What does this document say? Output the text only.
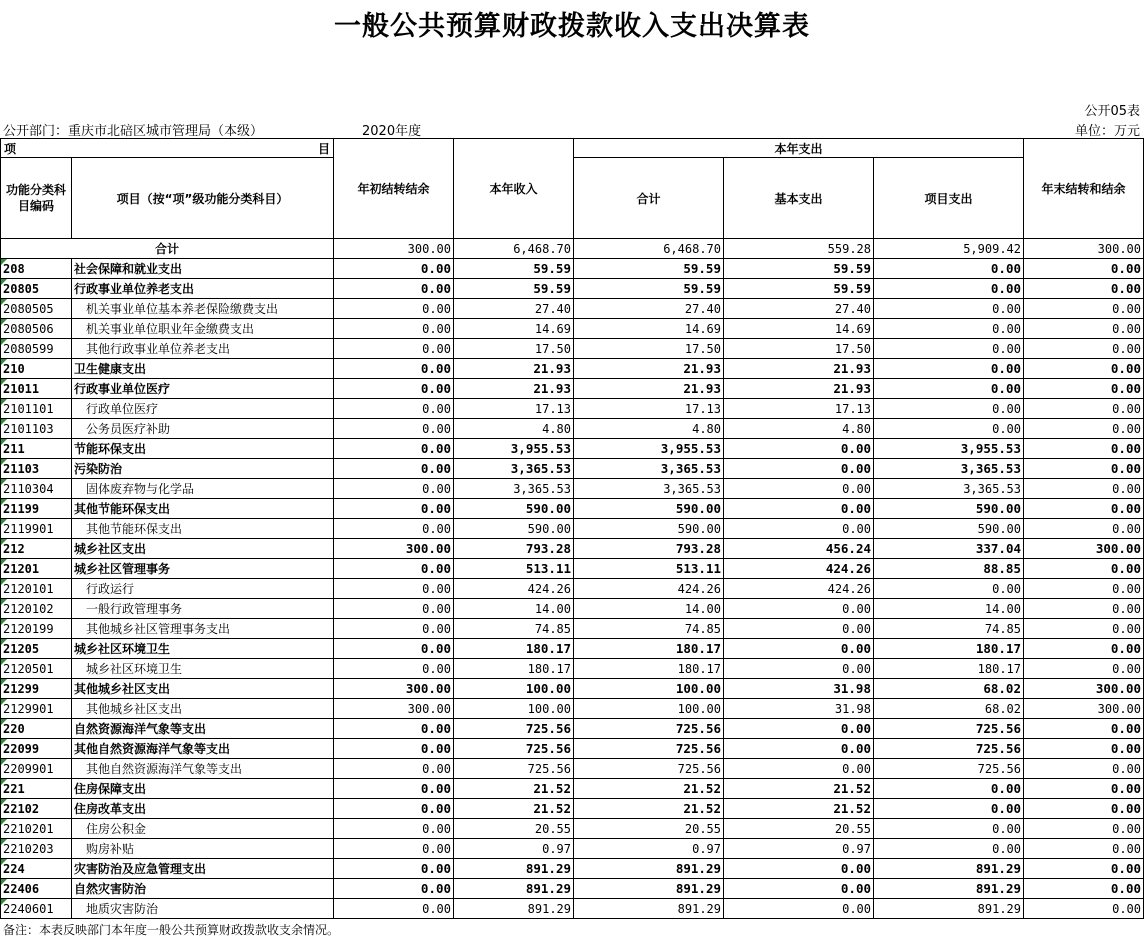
一般公共预算财政拨款收入支出决算表
公开05表
公开部门：重庆市北碚区城市管理局（本级）	2020年度	单位：万元
项 目		年初结转结余	本年收入	本年支出			年末结转和结余
功能分类科目编码	项目（按“项”级功能分类科目）			合计	基本支出	项目支出	
合计		300.00	6,468.70	6,468.70	559.28	5,909.42	300.00
208	社会保障和就业支出	0.00	59.59	59.59	59.59	0.00	0.00
20805	行政事业单位养老支出	0.00	59.59	59.59	59.59	0.00	0.00
2080505	机关事业单位基本养老保险缴费支出	0.00	27.40	27.40	27.40	0.00	0.00
2080506	机关事业单位职业年金缴费支出	0.00	14.69	14.69	14.69	0.00	0.00
2080599	其他行政事业单位养老支出	0.00	17.50	17.50	17.50	0.00	0.00
210	卫生健康支出	0.00	21.93	21.93	21.93	0.00	0.00
21011	行政事业单位医疗	0.00	21.93	21.93	21.93	0.00	0.00
2101101	行政单位医疗	0.00	17.13	17.13	17.13	0.00	0.00
2101103	公务员医疗补助	0.00	4.80	4.80	4.80	0.00	0.00
211	节能环保支出	0.00	3,955.53	3,955.53	0.00	3,955.53	0.00
21103	污染防治	0.00	3,365.53	3,365.53	0.00	3,365.53	0.00
2110304	固体废弃物与化学品	0.00	3,365.53	3,365.53	0.00	3,365.53	0.00
21199	其他节能环保支出	0.00	590.00	590.00	0.00	590.00	0.00
2119901	其他节能环保支出	0.00	590.00	590.00	0.00	590.00	0.00
212	城乡社区支出	300.00	793.28	793.28	456.24	337.04	300.00
21201	城乡社区管理事务	0.00	513.11	513.11	424.26	88.85	0.00
2120101	行政运行	0.00	424.26	424.26	424.26	0.00	0.00
2120102	一般行政管理事务	0.00	14.00	14.00	0.00	14.00	0.00
2120199	其他城乡社区管理事务支出	0.00	74.85	74.85	0.00	74.85	0.00
21205	城乡社区环境卫生	0.00	180.17	180.17	0.00	180.17	0.00
2120501	城乡社区环境卫生	0.00	180.17	180.17	0.00	180.17	0.00
21299	其他城乡社区支出	300.00	100.00	100.00	31.98	68.02	300.00
2129901	其他城乡社区支出	300.00	100.00	100.00	31.98	68.02	300.00
220	自然资源海洋气象等支出	0.00	725.56	725.56	0.00	725.56	0.00
22099	其他自然资源海洋气象等支出	0.00	725.56	725.56	0.00	725.56	0.00
2209901	其他自然资源海洋气象等支出	0.00	725.56	725.56	0.00	725.56	0.00
221	住房保障支出	0.00	21.52	21.52	21.52	0.00	0.00
22102	住房改革支出	0.00	21.52	21.52	21.52	0.00	0.00
2210201	住房公积金	0.00	20.55	20.55	20.55	0.00	0.00
2210203	购房补贴	0.00	0.97	0.97	0.97	0.00	0.00
224	灾害防治及应急管理支出	0.00	891.29	891.29	0.00	891.29	0.00
22406	自然灾害防治	0.00	891.29	891.29	0.00	891.29	0.00
2240601	地质灾害防治	0.00	891.29	891.29	0.00	891.29	0.00
备注：本表反映部门本年度一般公共预算财政拨款收支余情况。
